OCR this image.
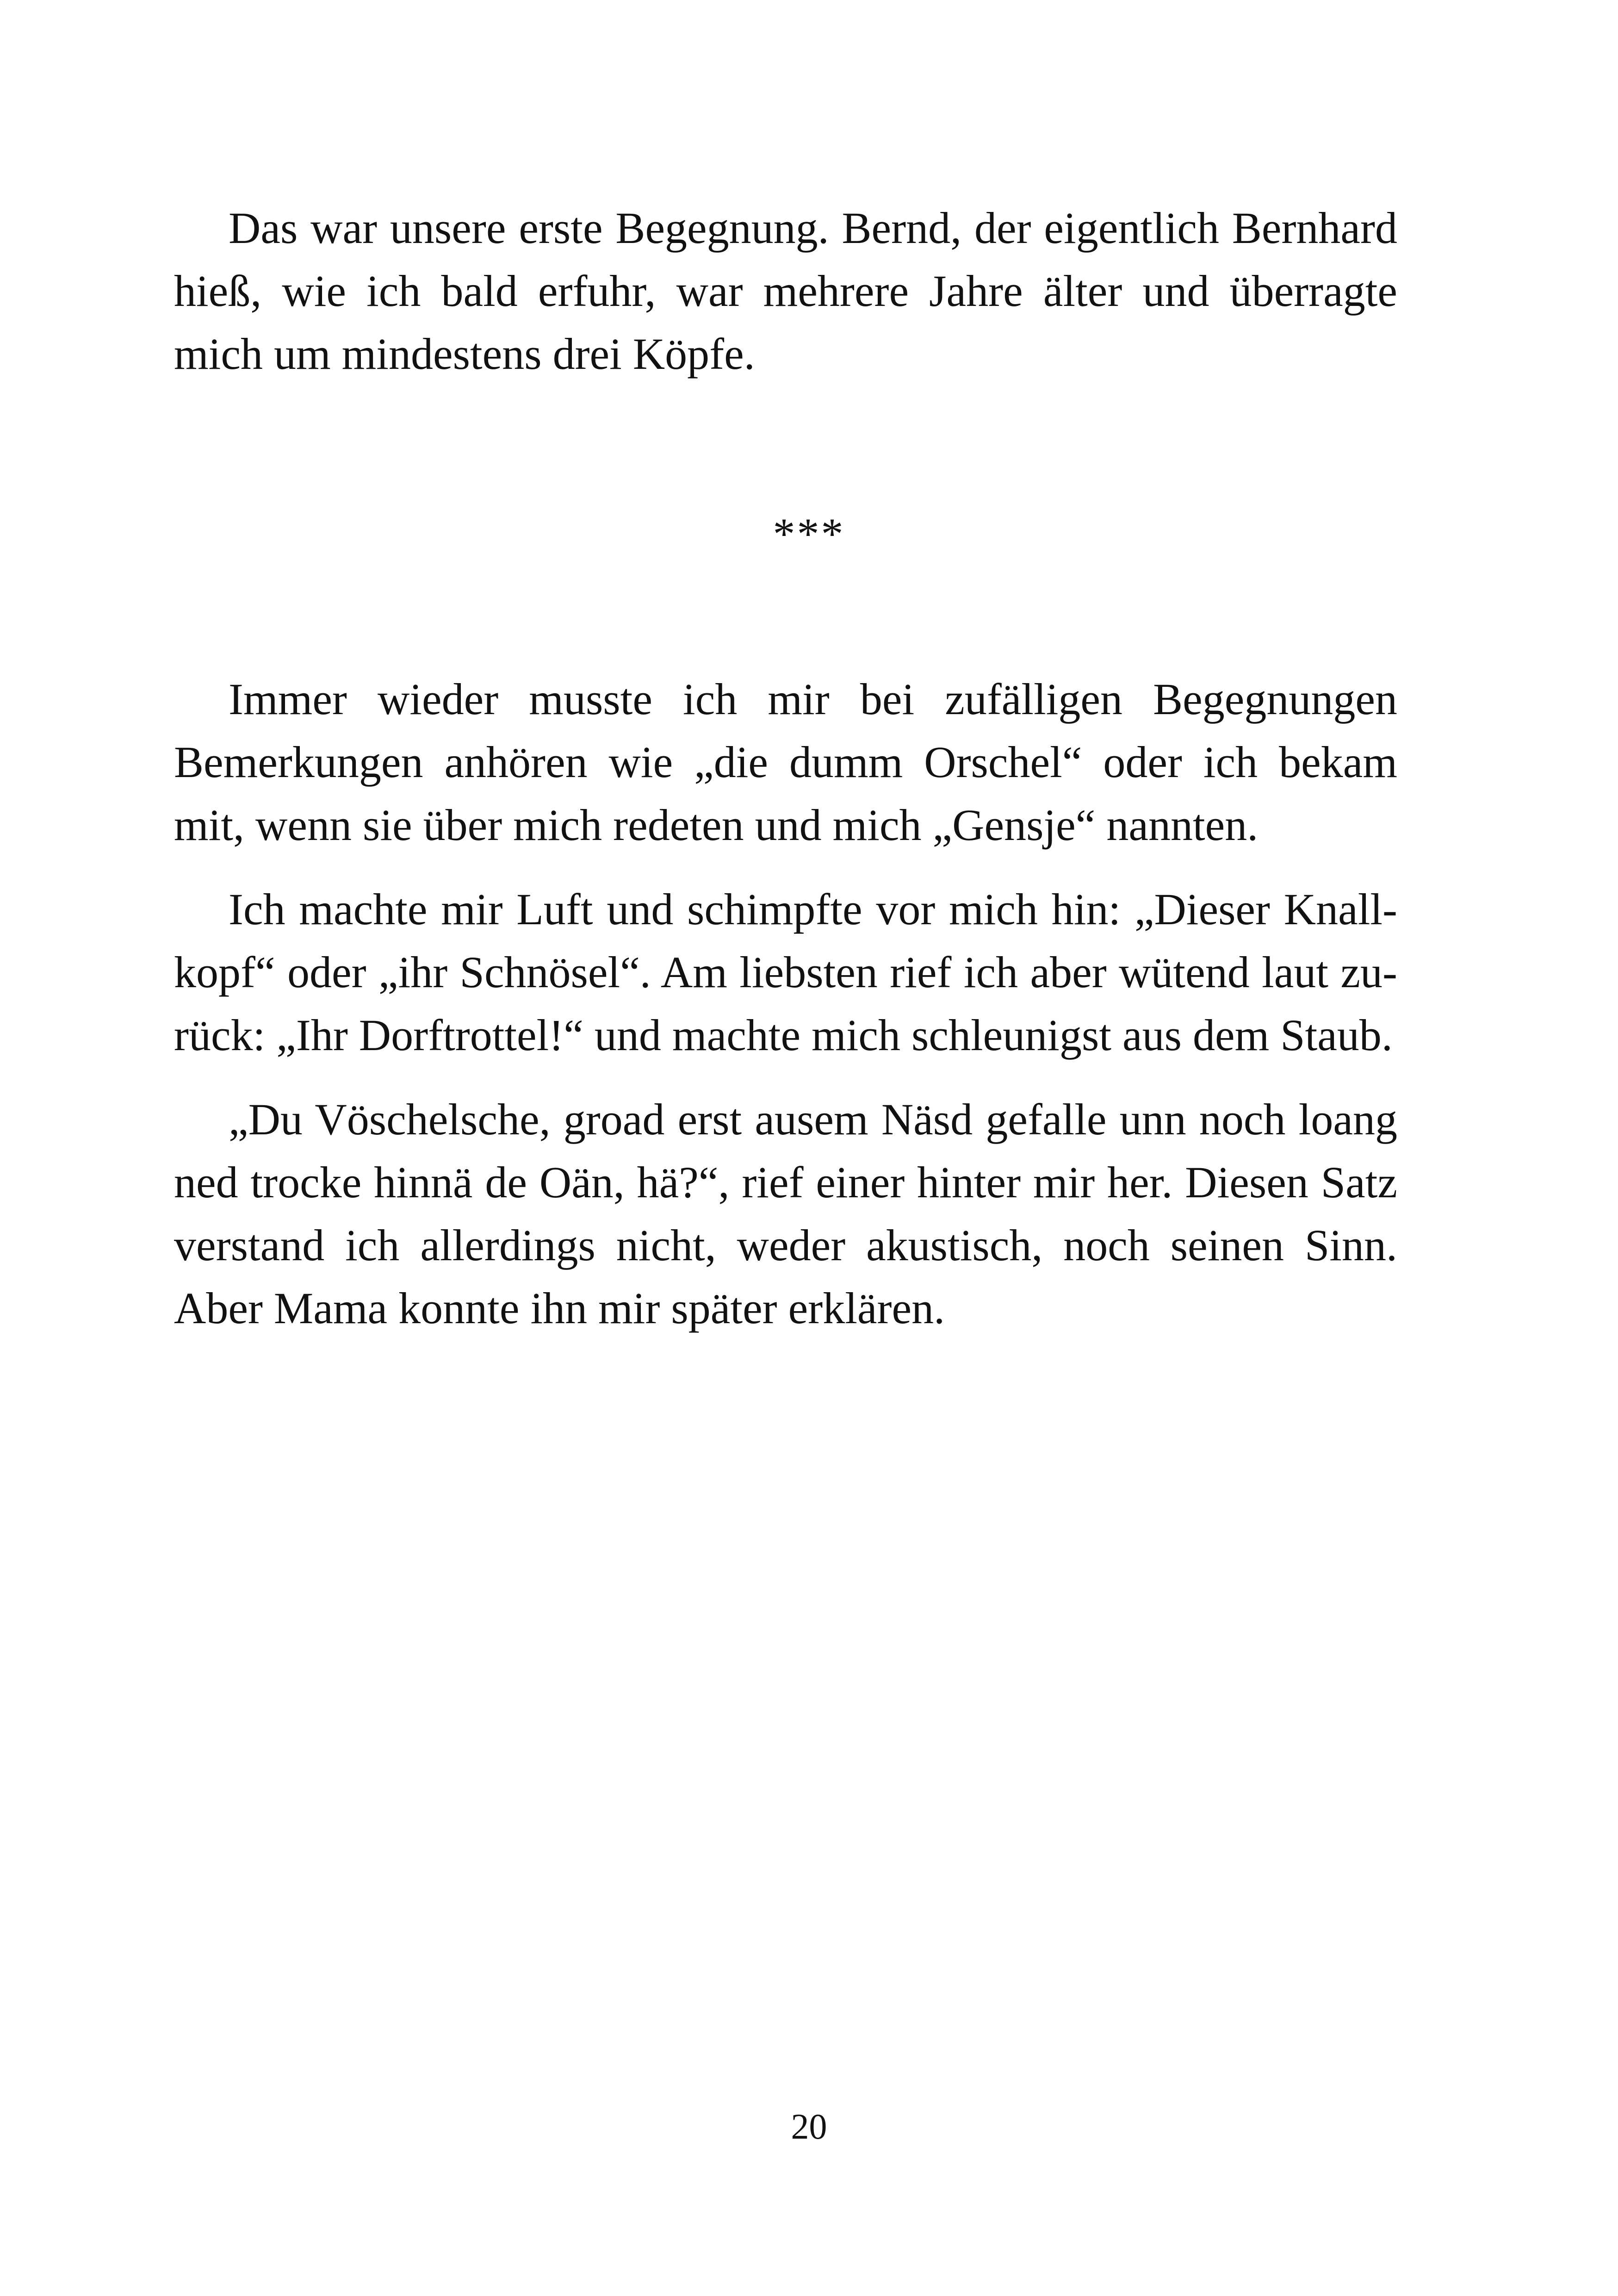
Das war unsere erste Begegnung. Bernd, der eigentlich Bernhard hieß, wie ich bald erfuhr, war mehrere Jahre älter und überragte mich um mindestens drei Köpfe.

***

Immer wieder musste ich mir bei zufälligen Begegnungen Bemerkungen anhören wie „die dumm Orschel“ oder ich bekam mit, wenn sie über mich redeten und mich „Gensje“ nannten.

Ich machte mir Luft und schimpfte vor mich hin: „Dieser Knallkopf“ oder „ihr Schnösel“. Am liebsten rief ich aber wütend laut zurück: „Ihr Dorftrottel!“ und machte mich schleunigst aus dem Staub.

„Du Vöschelsche, groad erst ausem Näsd gefalle unn noch loang ned trocke hinnä de Oän, hä?“, rief einer hinter mir her. Diesen Satz verstand ich allerdings nicht, weder akustisch, noch seinen Sinn. Aber Mama konnte ihn mir später erklären.

20
